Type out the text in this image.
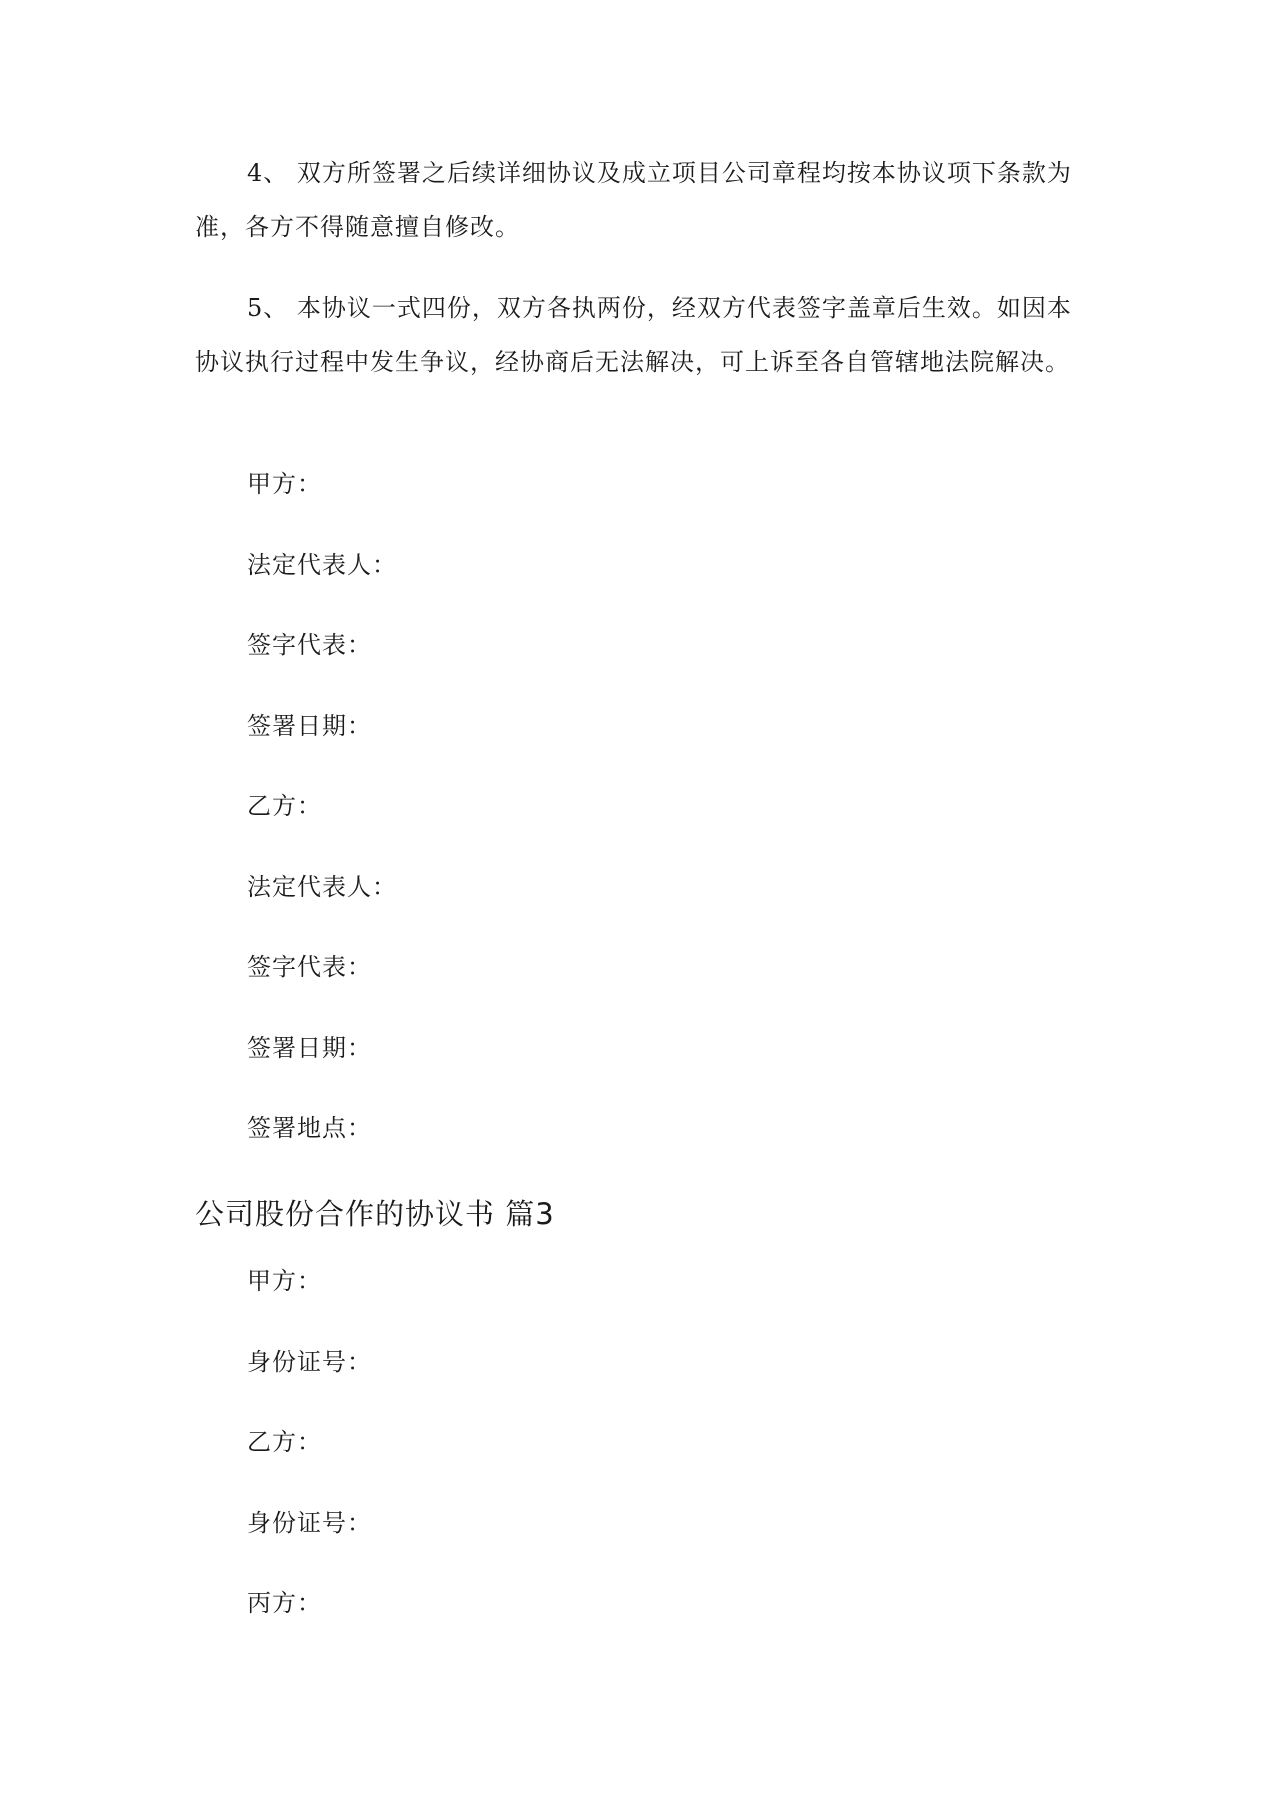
4、 双方所签署之后续详细协议及成立项目公司章程均按本协议项下条款为准，各方不得随意擅自修改。

5、 本协议一式四份，双方各执两份，经双方代表签字盖章后生效。如因本协议执行过程中发生争议，经协商后无法解决，可上诉至各自管辖地法院解决。

甲方：

法定代表人：

签字代表：

签署日期：

乙方：

法定代表人：

签字代表：

签署日期：

签署地点：

公司股份合作的协议书 篇3

甲方：

身份证号：

乙方：

身份证号：

丙方：
